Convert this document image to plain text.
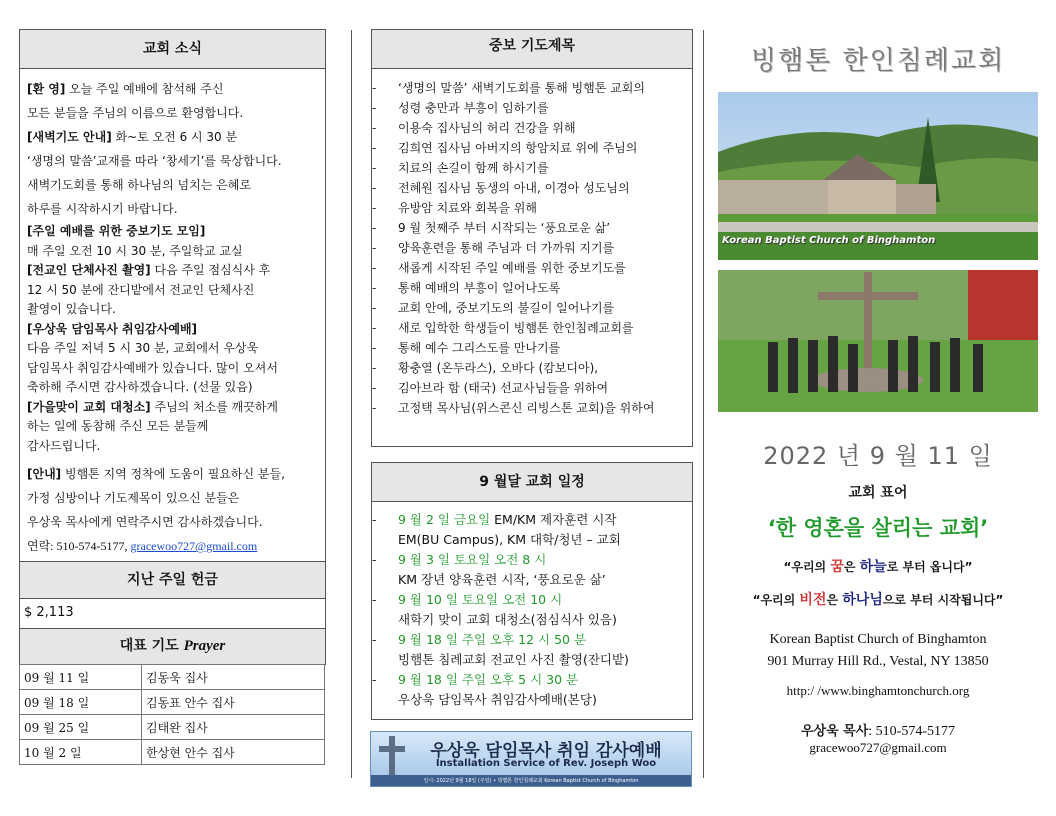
교회 소식
[환 영] 오늘 주일 예배에 참석해 주신
모든 분들을 주님의 이름으로 환영합니다.
[새벽기도 안내] 화~토 오전 6 시 30 분
‘생명의 말씀’교재를 따라 ‘창세기’를 묵상합니다.
새벽기도회를 통해 하나님의 넘치는 은혜로
하루를 시작하시기 바랍니다.
[주일 예배를 위한 중보기도 모임]
매 주일 오전 10 시 30 분, 주일학교 교실
[전교인 단체사진 촬영] 다음 주일 점심식사 후
12 시 50 분에 잔디밭에서 전교인 단체사진
촬영이 있습니다.
[우상욱 담임목사 취임감사예배]
다음 주일 저녁 5 시 30 분, 교회에서 우상욱
담임목사 취임감사예배가 있습니다. 많이 오셔서
축하해 주시면 감사하겠습니다. (선물 있음)
[가을맞이 교회 대청소] 주님의 처소를 깨끗하게
하는 일에 동참해 주신 모든 분들께
감사드립니다.
[안내] 빙햄톤 지역 정착에 도움이 필요하신 분들,
가정 심방이나 기도제목이 있으신 분들은
우상욱 목사에게 연락주시면 감사하겠습니다.
연락: 510-574-5177, gracewoo727@gmail.com
지난 주일 헌금
$ 2,113
대표 기도 Prayer
09 월 11 일	김동욱 집사
09 월 18 일	김동표 안수 집사
09 월 25 일	김태완 집사
10 월 2 일	한상현 안수 집사
중보 기도제목
- ‘생명의 말씀’ 새벽기도회를 통해 빙햄톤 교회의
- 성령 충만과 부흥이 임하기를
- 이용숙 집사님의 허리 건강을 위해
- 김희연 집사님 아버지의 항암치료 위에 주님의
- 치료의 손길이 함께 하시기를
- 전혜원 집사님 동생의 아내, 이경아 성도님의
- 유방암 치료와 회복을 위해
- 9 월 첫째주 부터 시작되는 ‘풍요로운 삶’
- 양육훈련을 통해 주님과 더 가까워 지기를
- 새롭게 시작된 주일 예배를 위한 중보기도를
- 통해 예배의 부흥이 일어나도록
- 교회 안에, 중보기도의 불길이 일어나기를
- 새로 입학한 학생들이 빙햄톤 한인침례교회를
- 통해 예수 그리스도를 만나기를
- 황충열 (온두라스), 오바다 (캄보디아),
- 김아브라 함 (태국) 선교사님들을 위하여
- 고정택 목사님(위스콘신 리빙스톤 교회)을 위하여
9 월달 교회 일정
- 9 월 2 일 금요일 EM/KM 제자훈련 시작
EM(BU Campus), KM 대학/청년 – 교회
- 9 월 3 일 토요일 오전 8 시
KM 장년 양육훈련 시작, ‘풍요로운 삶’
- 9 월 10 일 토요일 오전 10 시
새학기 맞이 교회 대청소(점심식사 있음)
- 9 월 18 일 주일 오후 12 시 50 분
빙햄톤 침례교회 전교인 사진 촬영(잔디밭)
- 9 월 18 일 주일 오후 5 시 30 분
우상욱 담임목사 취임감사예배(본당)
우상욱 담임목사 취임 감사예배
Installation Service of Rev. Joseph Woo
일시: 2022년 9월 18일 (주일) • 빙햄톤 한인침례교회 Korean Baptist Church of Binghamton
빙햄톤 한인침례교회
Korean Baptist Church of Binghamton
2022 년 9 월 11 일
교회 표어
‘한 영혼을 살리는 교회’
“우리의 꿈은 하늘로 부터 옵니다”
“우리의 비전은 하나님으로 부터 시작됩니다”
Korean Baptist Church of Binghamton
901 Murray Hill Rd., Vestal, NY 13850
http:/ /www.binghamtonchurch.org
우상욱 목사: 510-574-5177
gracewoo727@gmail.com
